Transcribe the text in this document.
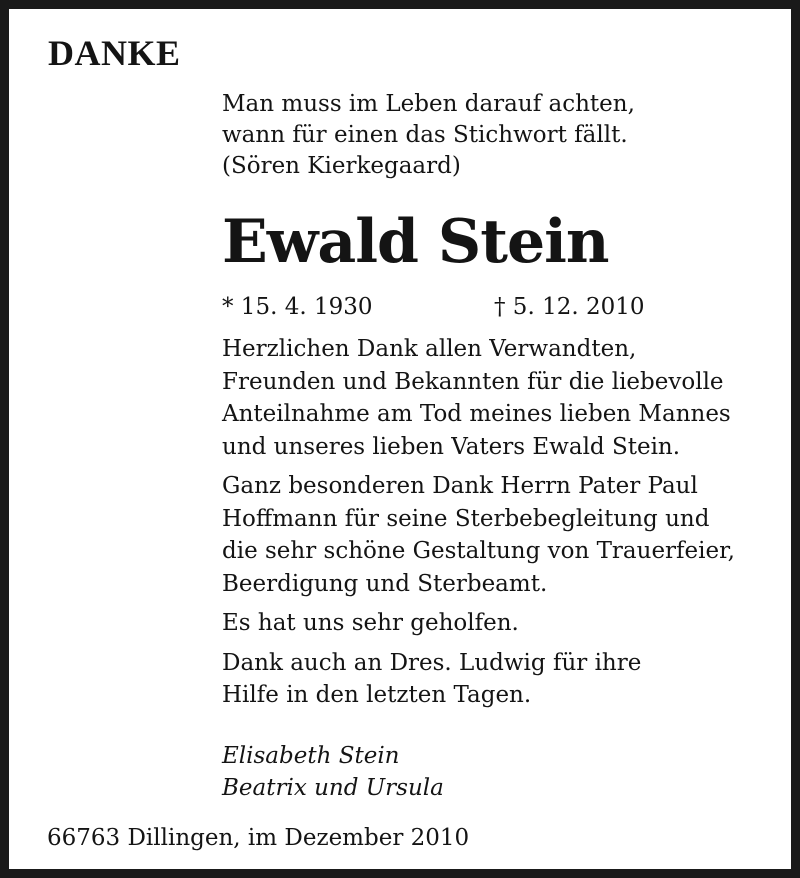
DANKE
Man muss im Leben darauf achten,
wann für einen das Stichwort fällt.
(Sören Kierkegaard)
Ewald Stein
* 15. 4. 1930	† 5. 12. 2010

Herzlichen Dank allen Verwandten,
Freunden und Bekannten für die liebevolle
Anteilnahme am Tod meines lieben Mannes
und unseres lieben Vaters Ewald Stein.

Ganz besonderen Dank Herrn Pater Paul
Hoffmann für seine Sterbebegleitung und
die sehr schöne Gestaltung von Trauerfeier,
Beerdigung und Sterbeamt.

Es hat uns sehr geholfen.

Dank auch an Dres. Ludwig für ihre
Hilfe in den letzten Tagen.

Elisabeth Stein
Beatrix und Ursula

66763 Dillingen, im Dezember 2010
